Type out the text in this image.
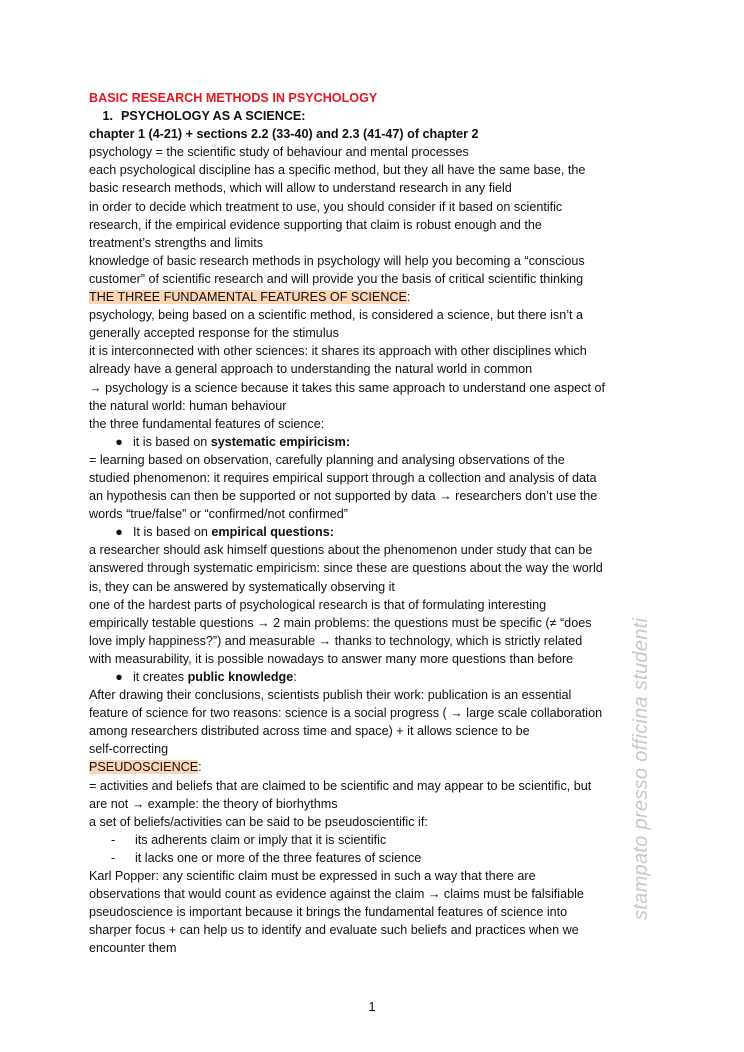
BASIC RESEARCH METHODS IN PSYCHOLOGY
1. PSYCHOLOGY AS A SCIENCE:
chapter 1 (4-21) + sections 2.2 (33-40) and 2.3 (41-47) of chapter 2
psychology = the scientific study of behaviour and mental processes
each psychological discipline has a specific method, but they all have the same base, the
basic research methods, which will allow to understand research in any field
in order to decide which treatment to use, you should consider if it based on scientific
research, if the empirical evidence supporting that claim is robust enough and the
treatment’s strengths and limits
knowledge of basic research methods in psychology will help you becoming a “conscious
customer” of scientific research and will provide you the basis of critical scientific thinking
THE THREE FUNDAMENTAL FEATURES OF SCIENCE:
psychology, being based on a scientific method, is considered a science, but there isn’t a
generally accepted response for the stimulus
it is interconnected with other sciences: it shares its approach with other disciplines which
already have a general approach to understanding the natural world in common
→ psychology is a science because it takes this same approach to understand one aspect of
the natural world: human behaviour
the three fundamental features of science:
● it is based on systematic empiricism:
= learning based on observation, carefully planning and analysing observations of the
studied phenomenon: it requires empirical support through a collection and analysis of data
an hypothesis can then be supported or not supported by data → researchers don’t use the
words “true/false” or “confirmed/not confirmed”
● It is based on empirical questions:
a researcher should ask himself questions about the phenomenon under study that can be
answered through systematic empiricism: since these are questions about the way the world
is, they can be answered by systematically observing it
one of the hardest parts of psychological research is that of formulating interesting
empirically testable questions → 2 main problems: the questions must be specific (≠ “does
love imply happiness?”) and measurable → thanks to technology, which is strictly related
with measurability, it is possible nowadays to answer many more questions than before
● it creates public knowledge:
After drawing their conclusions, scientists publish their work: publication is an essential
feature of science for two reasons: science is a social progress ( → large scale collaboration
among researchers distributed across time and space) + it allows science to be
self-correcting
PSEUDOSCIENCE:
= activities and beliefs that are claimed to be scientific and may appear to be scientific, but
are not → example: the theory of biorhythms
a set of beliefs/activities can be said to be pseudoscientific if:
- its adherents claim or imply that it is scientific
- it lacks one or more of the three features of science
Karl Popper: any scientific claim must be expressed in such a way that there are
observations that would count as evidence against the claim → claims must be falsifiable
pseudoscience is important because it brings the fundamental features of science into
sharper focus + can help us to identify and evaluate such beliefs and practices when we
encounter them
stampato presso officina studenti
1
